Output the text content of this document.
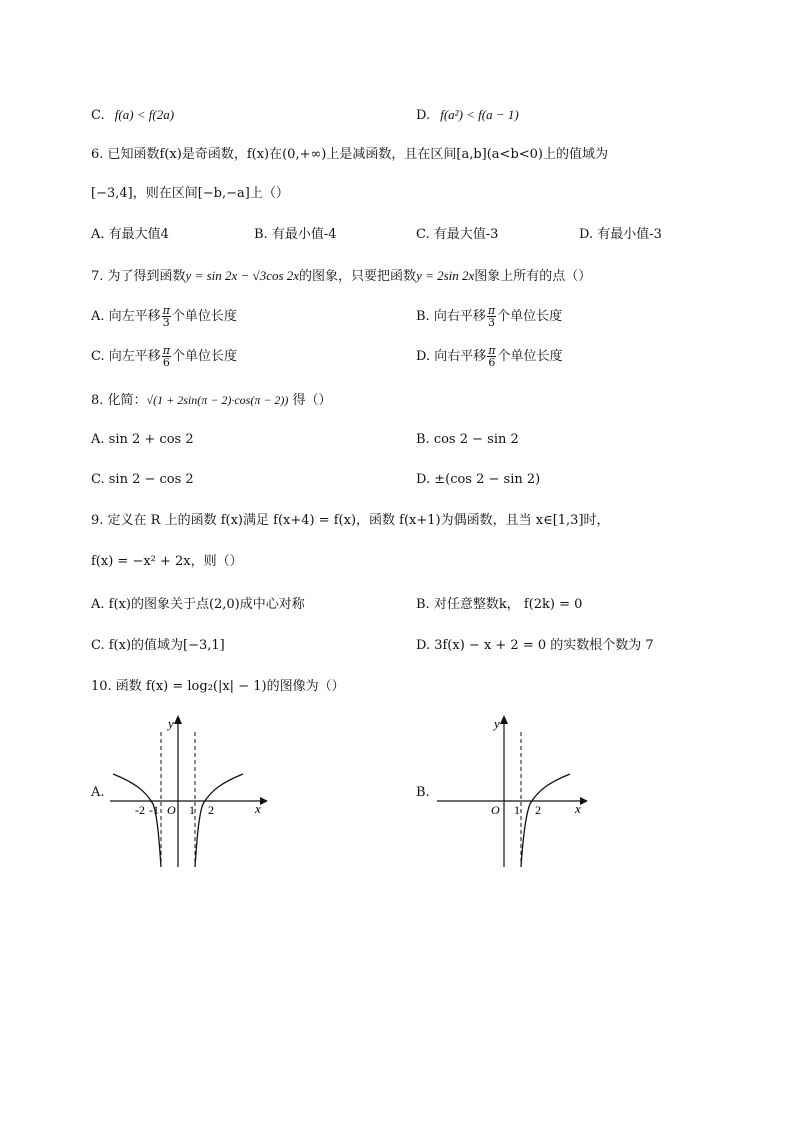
C. f(a) < f(2a)	D. f(a²) < f(a − 1)
6. 已知函数f(x)是奇函数，f(x)在(0,+∞)上是减函数，且在区间[a,b](a<b<0)上的值域为
[−3,4]，则在区间[−b,−a]上（）
A. 有最大值4	B. 有最小值-4	C. 有最大值-3	D. 有最小值-3
7. 为了得到函数y = sin 2x − √3cos 2x的图象，只要把函数y = 2sin 2x图象上所有的点（）
A. 向左平移 $\frac{\pi}{3}$ 个单位长度	B. 向右平移 $\frac{\pi}{3}$ 个单位长度
C. 向左平移 $\frac{\pi}{6}$ 个单位长度	D. 向右平移 $\frac{\pi}{6}$ 个单位长度
8. 化简：√(1 + 2sin(π − 2)·cos(π − 2)) 得（）
A. sin 2 + cos 2	B. cos 2 − sin 2
C. sin 2 − cos 2	D. ±(cos 2 − sin 2)
9. 定义在 R 上的函数 f(x)满足 f(x+4) = f(x)，函数 f(x+1)为偶函数，且当 x∈[1,3]时，
f(x) = −x² + 2x，则（）
A. f(x)的图象关于点(2,0)成中心对称	B. 对任意整数k， f(2k) = 0
C. f(x)的值域为[−3,1]	D. 3f(x) − x + 2 = 0 的实数根个数为 7
10. 函数 f(x) = log₂(|x| − 1)的图像为（）
A.	B.
x
y
O
-2 -1	1 2	x
y
O 1 2
